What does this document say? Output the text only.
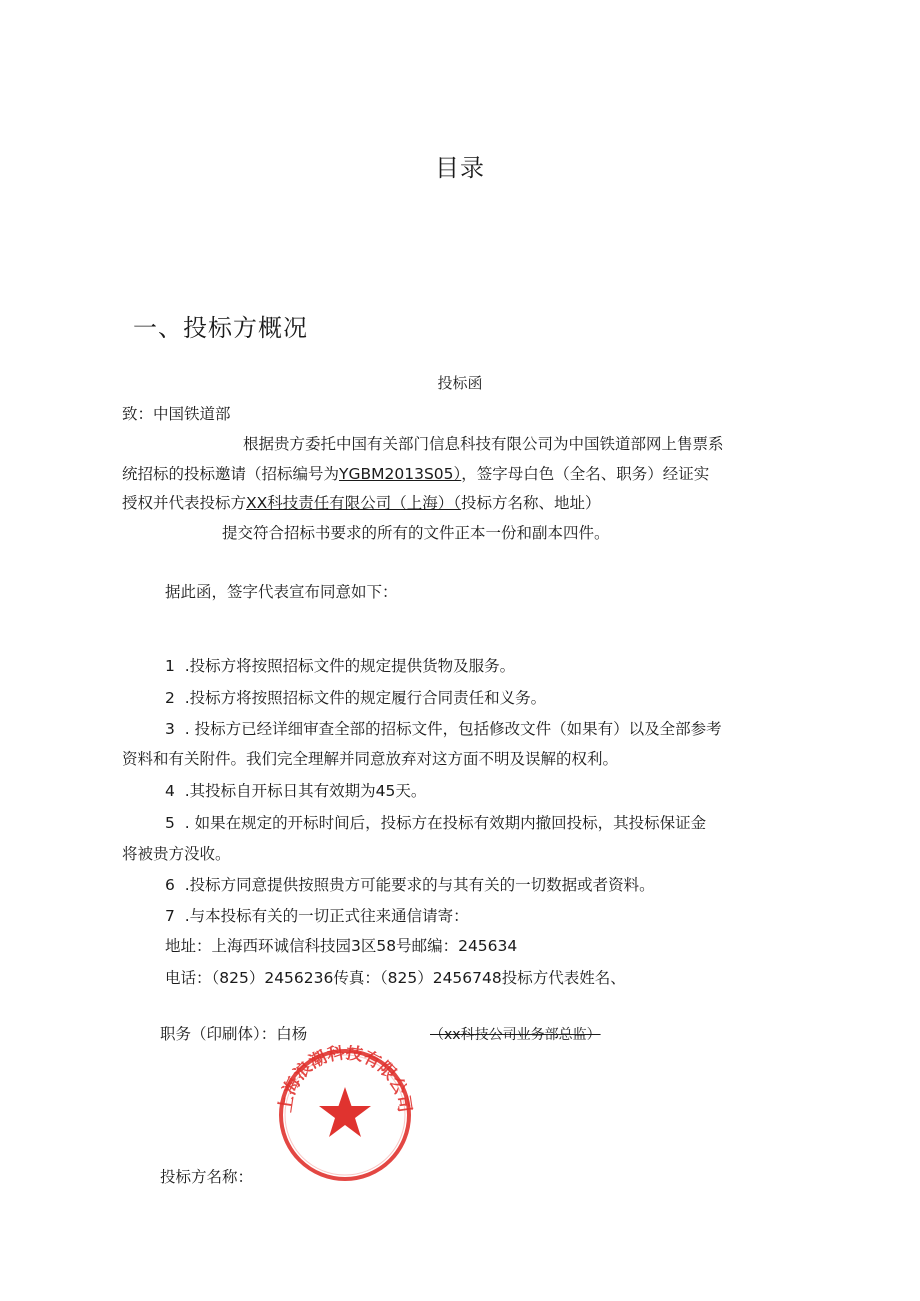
目录
一、投标方概况
投标函
致：中国铁道部
根据贵方委托中国有关部门信息科技有限公司为中国铁道部网上售票系
统招标的投标邀请（招标编号为YGBM2013S05），签字母白色（全名、职务）经证实
授权并代表投标方XX科技责任有限公司（上海）（投标方名称、地址）
提交符合招标书要求的所有的文件正本一份和副本四件。
据此函，签字代表宣布同意如下：
1 .投标方将按照招标文件的规定提供货物及服务。
2 .投标方将按照招标文件的规定履行合同责任和义务。
3 . 投标方已经详细审查全部的招标文件，包括修改文件（如果有）以及全部参考
资料和有关附件。我们完全理解并同意放弃对这方面不明及误解的权利。
4 .其投标自开标日其有效期为45天。
5 . 如果在规定的开标时间后，投标方在投标有效期内撤回投标，其投标保证金
将被贵方没收。
6 .投标方同意提供按照贵方可能要求的与其有关的一切数据或者资料。
7 .与本投标有关的一切正式往来通信请寄：
地址：上海西环诚信科技园3区58号邮编：245634
电话：（825）2456236传真：（825）2456748投标方代表姓名、
职务（印刷体）：白杨	（xx科技公司业务部总监）
上海浪潮科技有限公司
投标方名称：
